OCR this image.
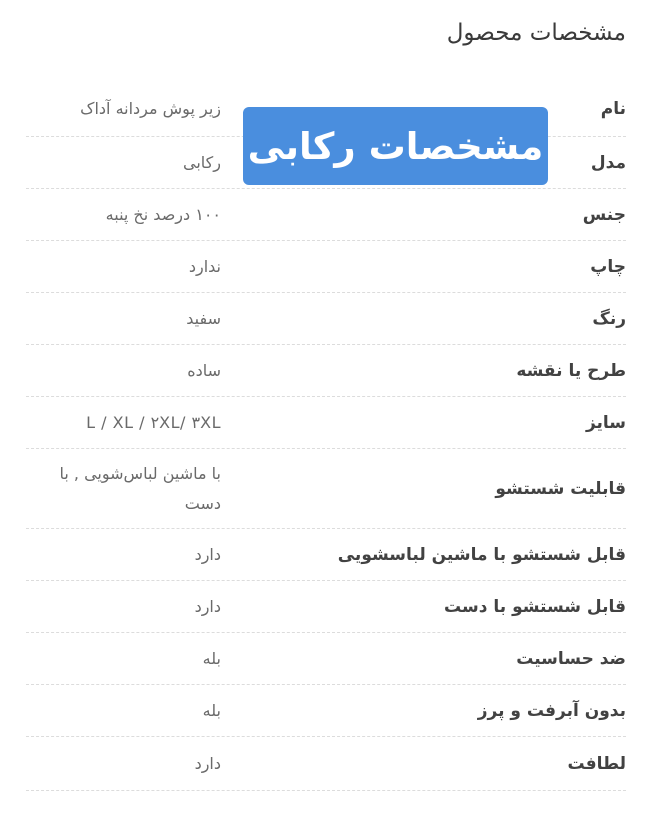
مشخصات محصول
نام
زیر پوش مردانه آداک
مدل
رکابی
جنس
۱۰۰ درصد نخ پنبه
چاپ
ندارد
رنگ
سفید
طرح یا نقشه
ساده
سایز
L / XL / ۲XL/ ۳XL
قابلیت شستشو
با ماشین لباس‌شویی , با دست
قابل شستشو با ماشین لباسشویی
دارد
قابل شستشو با دست
دارد
ضد حساسیت
بله
بدون آبرفت و پرز
بله
لطافت
دارد
مشخصات رکابی
